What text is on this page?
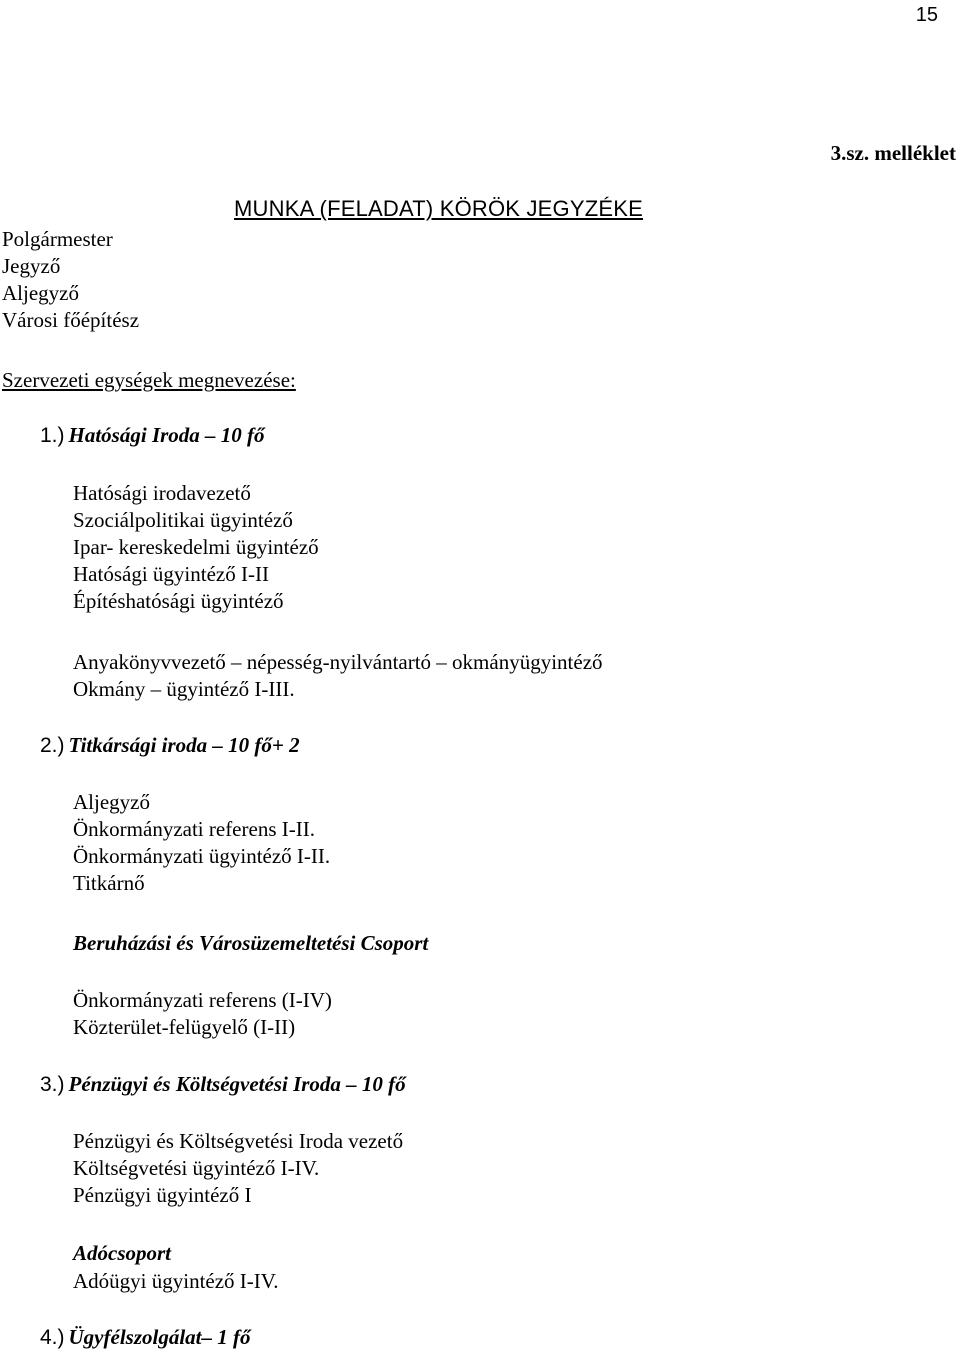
15
3.sz. melléklet
MUNKA (FELADAT) KÖRÖK JEGYZÉKE
Polgármester
Jegyző
Aljegyző
Városi főépítész
Szervezeti egységek megnevezése:
1.) Hatósági Iroda – 10 fő
Hatósági irodavezető
Szociálpolitikai ügyintéző
Ipar- kereskedelmi ügyintéző
Hatósági ügyintéző I-II
Építéshatósági ügyintéző
Anyakönyvvezető – népesség-nyilvántartó – okmányügyintéző
Okmány – ügyintéző I-III.
2.) Titkársági iroda – 10 fő+ 2
Aljegyző
Önkormányzati referens I-II.
Önkormányzati ügyintéző I-II.
Titkárnő
Beruházási és Városüzemeltetési Csoport
Önkormányzati referens (I-IV)
Közterület-felügyelő (I-II)
3.) Pénzügyi és Költségvetési Iroda – 10 fő
Pénzügyi és Költségvetési Iroda vezető
Költségvetési ügyintéző I-IV.
Pénzügyi ügyintéző I
Adócsoport
Adóügyi ügyintéző I-IV.
4.) Ügyfélszolgálat– 1 fő
